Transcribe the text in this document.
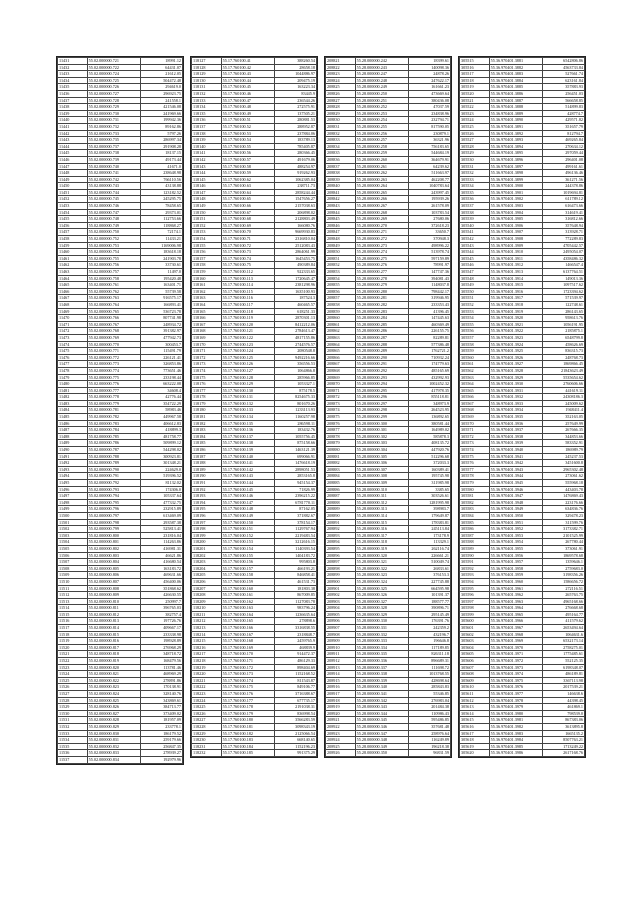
11431	55.02.000000.721	18991.12
11432	55.02.000000.722	64431.07
11433	55.02.000000.724	21612.05
11434	55.02.000000.725	504472.48
11435	55.02.000000.726	294619.0
11436	55.02.000000.727	296923.75
11437	55.02.000000.728	241558.1
11438	55.02.000000.729	421546.08
11439	55.02.000000.730	241969.66
11440	55.02.000000.731	199942.36
11441	55.02.000000.732	89162.86
11442	55.02.000000.733	5797.26
11443	55.02.000000.735	286997.34
11444	55.02.000000.737	291908.28
11445	55.02.000000.738	18137.15
11446	55.02.000000.739	49173.44
11447	55.02.000000.740	41671.0
11448	55.02.000000.741	238648.98
11449	55.02.000000.742	766110.56
11450	55.02.000000.743	43138.88
11451	55.02.000000.744	123182.52
11452	55.02.000000.745	245295.75
11453	55.02.000000.746	78458.65
11454	55.02.000000.747	29373.01
11455	55.02.000000.748	112753.66
11456	55.02.000000.749	118868.27
11457	55.02.000000.750	72174.1
11458	55.02.000000.752	11433.21
11459	55.02.000000.753	1169006.98
11460	55.02.000000.754	183618.18
11461	55.02.000000.755	241903.78
11462	55.02.000000.756	33730.61
11463	55.02.000000.757	11497.0
11464	55.02.000000.758	195420.48
11465	55.02.000000.761	163401.71
11466	55.02.000000.762	55739.58
11467	55.02.000000.763	916575.17
11468	55.02.000000.764	166893.41
11469	55.02.000000.765	536723.78
11470	55.02.000000.766	807741.98
11471	55.02.000000.767	248934.72
11472	55.02.000000.768	391382.97
11473	55.02.000000.769	477942.73
11474	55.02.000000.770	300453.7
11475	55.02.000000.771	115491.79
11476	55.02.000000.772	226121.41
11477	55.02.000000.773	326853.86
11478	55.02.000000.774	773651.46
11479	55.02.000000.775	233198.44
11480	55.02.000000.776	663222.08
11481	55.02.000000.777	34608.4
11482	55.02.000000.778	42776.44
11483	55.02.000000.779	354722.29
11484	55.02.000000.781	58983.46
11485	55.02.000000.782	449967.58
11486	55.02.000000.783	406612.83
11487	55.02.000000.784	418899.3
11488	55.02.000000.785	481758.77
11489	55.02.000000.786	509899.12
11490	55.02.000000.787	544298.02
11491	55.02.000000.788	300923.81
11492	55.02.000000.789	301348.21
11493	55.02.000000.790	224629.0
11494	55.02.000000.791	519396.52
11495	55.02.000000.792	81132.02
11496	55.02.000000.793	174306.0
11497	55.02.000000.794	105337.64
11498	55.02.000000.795	477332.75
11499	55.02.000000.796	232915.89
11500	55.02.000000.797	613469.09
11501	55.02.000000.798	293587.38
11502	55.02.000000.799	525813.41
11503	55.02.000000.800	231816.04
11504	55.02.000000.801	114263.86
11505	55.02.000000.802	416981.31
11506	55.02.000000.803	46621.86
11507	55.02.000000.804	416680.54
11508	55.02.000000.805	163183.72
11509	55.02.000000.806	469631.66
11510	55.02.000000.807	456400.06
11511	55.02.000000.808	351868.62
11512	55.02.000000.809	426630.55
11513	55.02.000000.810	250997.7
11514	55.02.000000.811	396765.03
11515	55.02.000000.812	382757.4
11516	55.02.000000.813	197726.76
11517	55.02.000000.814	409667.17
11518	55.02.000000.815	233338.98
11519	55.02.000000.816	198928.89
11520	55.02.000000.817	276968.29
11521	55.02.000000.818	348718.72
11522	55.02.000000.819	168479.56
11523	55.02.000000.820	113781.46
11524	55.02.000000.821	468969.29
11525	55.02.000000.822	278891.86
11526	55.02.000000.823	170138.91
11527	55.02.000000.824	328140.76
11528	55.02.000000.825	343869.61
11529	55.02.000000.826	384713.77
11530	55.02.000000.827	373409.02
11531	55.02.000000.828	181957.09
11532	55.02.000000.829	233778.1
11533	55.02.000000.830	186179.52
11534	55.02.000000.831	259179.66
11535	55.02.000000.832	256847.35
11536	55.02.000000.833	278939.27
11537	55.02.000000.834	192979.96
118127	55.17.760100.41	388260.54
118128	55.17.760100.42	28658.18
118129	55.17.760100.43	1044886.97
118130	55.17.760100.44	209475.19
118131	55.17.760100.45	163223.34
118132	55.17.760100.46	83445.9
118133	55.17.760100.47	236544.26
118134	55.17.760100.48	272575.91
118135	55.17.760100.49	137505.21
118136	55.17.760100.51	280881.53
118137	55.17.760100.52	288952.87
118138	55.17.760100.53	237884.06
118139	55.17.760100.54	183789.13
118140	55.17.760100.55	785405.87
118141	55.17.760100.56	280366.45
118142	55.17.760100.57	491679.06
118143	55.17.760100.58	488254.97
118144	55.17.760100.59	919262.93
118145	55.17.760100.62	1062385.04
118146	55.17.760100.63	238711.73
118147	55.17.760100.64	2858244.44
118148	55.17.760100.65	1547656.27
118149	55.17.760100.66	2157038.63
118150	55.17.760100.67	206898.02
118151	55.17.760100.68	2128803.49
118152	55.17.760100.69	166080.76
118153	55.17.760100.70	9669930.83
118154	55.17.760100.71	2316810.04
118155	55.17.760100.72	2512083.43
118156	55.17.760100.73	2864061.99
118157	55.17.760100.74	1645453.75
118158	55.17.760100.75	490389.84
118159	55.17.760100.112	922333.65
118160	55.17.760100.113	1720645.47
118161	55.17.760100.114	2381298.96
118162	55.17.760100.115	1635100.93
118163	55.17.760100.116	187524.3
118164	55.17.760100.117	460465.57
118165	55.17.760100.118	618251.33
118166	55.17.760100.119	2870301.13
118167	55.17.760100.120	8412212.06
118168	55.17.760100.121	2784613.47
118169	55.17.760100.122	4817155.86
118170	55.17.760100.123	2744576.57
118171	55.17.760100.124	2080548.8
118172	55.17.760100.125	9492216.66
118173	55.17.760100.126	356556.53
118174	55.17.760100.127	1064866.8
118175	55.17.760100.128	285966.85
118176	55.17.760100.129	1053327.1
118177	55.17.760100.130	875178.5
118178	55.17.760100.131	8254675.33
118179	55.17.760100.132	801670.26
118180	55.17.760100.133	1233113.93
118181	55.17.760100.134	1160257.98
118182	55.17.760100.135	286598.11
118183	55.17.760100.136	183432.76
118184	55.17.760100.137	1055756.45
118185	55.17.760100.138	875158.66
118186	55.17.760100.139	1463121.39
118187	55.17.760100.140	699066.91
118188	55.17.760100.141	1476618.19
118189	55.17.760100.142	2898051.53
118190	55.17.760100.143	2853165.8
118191	55.17.760100.144	945154.37
118192	55.17.760100.145	71826.99
118193	55.17.760100.146	2396215.22
118194	55.17.760100.147	6781770.11
118195	55.17.760100.148	87162.05
118196	55.17.760100.149	371882.67
118197	55.17.760100.150	378154.17
118198	55.17.760100.151	1129767.94
118199	55.17.760100.152	2219483.54
118200	55.17.760100.153	3212616.15
118201	55.17.760100.154	1140393.54
118202	55.17.760100.155	1404183.72
118203	55.17.760100.156	995803.8
118204	55.17.760100.157	466193.21
118205	55.17.760100.158	846858.41
118206	55.17.760100.159	461531.73
118207	55.17.760100.160	181803.38
118208	55.17.760100.161	867009.85
118209	55.17.760100.162	1127083.78
118210	55.17.760100.163	983796.24
118211	55.17.760100.164	1236635.64
118212	55.17.760100.165	278898.6
118213	55.17.760100.166	3316838.55
118214	55.17.760100.167	2318848.7
118215	55.17.760100.168	2459765.9
118216	55.17.760100.169	468839.9
118217	55.17.760100.170	914472.37
118218	55.17.760100.171	486129.33
118219	55.17.760100.172	898404.69
118220	55.17.760100.173	1152168.52
118221	55.17.760100.174	811543.87
118222	55.17.760100.175	849106.77
118223	55.17.760100.176	3716388.67
118224	55.17.760100.177	677735.17
118225	55.17.760100.178	2191038.31
118226	55.17.760100.179	836998.54
118227	55.17.760100.180	3566283.59
118228	55.17.760100.181	3098343.19
118229	55.17.760100.182	2125066.54
118230	55.17.760100.183	668140.65
118231	55.17.760100.184	1152196.23
118232	55.17.760100.185	991375.29
208821	55.28.000000.242	18399.61
208822	55.28.000000.243	140098.36
208823	55.28.000000.247	24878.26
208824	55.28.000000.248	247622.17
208825	55.28.000000.249	161661.23
208826	55.28.000000.250	473669.64
208827	55.28.000000.251	380436.08
208828	55.28.000000.252	47037.59
208829	55.28.000000.253	234838.96
208830	55.28.000000.254	232794.71
208831	55.28.000000.255	817590.05
208832	55.28.000000.256	230879.1
208833	55.28.000000.257	36321.96
208834	55.28.000000.258	756183.65
208835	55.28.000000.259	544684.19
208836	55.28.000000.260	364679.91
208837	55.28.000000.261	64239.62
208838	55.28.000000.262	511663.97
208839	55.28.000000.263	462208.77
208840	55.28.000000.264	1040783.64
208841	55.28.000000.265	243997.45
208842	55.28.000000.266	195939.26
208843	55.28.000000.267	261578.09
208844	55.28.000000.268	103783.54
208845	55.28.000000.269	27680.06
208846	55.28.000000.270	372618.23
208847	55.28.000000.271	33650.7
208848	55.28.000000.272	370948.3
208849	55.28.000000.273	498996.22
208850	55.28.000000.274	513978.74
208851	55.28.000000.275	597159.89
208852	55.28.000000.276	78991.97
208853	55.28.000000.277	147747.36
208854	55.28.000000.278	394081.43
208855	55.28.000000.279	1148037.8
208856	55.28.000000.280	798442.17
208857	55.28.000000.281	319946.95
208858	55.28.000000.282	233353.43
208859	55.28.000000.283	41396.45
208860	55.28.000000.284	147445.63
208861	55.28.000000.285	460369.49
208862	55.28.000000.286	226155.75
208863	55.28.000000.287	82289.81
208864	55.28.000000.288	577386.48
208865	55.28.000000.289	1762721.2
208866	55.28.000000.290	710932.24
208867	55.28.000000.291	174779.63
208868	55.28.000000.292	485165.69
208869	55.28.000000.293	432992.93
208870	55.28.000000.294	1002452.32
208871	55.28.000000.295	417978.35
208872	55.28.000000.296	855118.81
208873	55.28.000000.297	348973.9
208874	55.28.000000.298	264523.95
208875	55.28.000000.299	136892.65
208876	55.28.000000.300	380581.44
208877	55.28.000000.301	164989.02
208878	55.28.000000.302	585878.3
208879	55.28.000000.303	408135.72
208880	55.28.000000.304	447920.76
208881	55.28.000000.305	512296.68
208882	55.28.000000.306	372033.3
208883	55.28.000000.307	160389.41
208884	55.28.000000.308	195745.98
208885	55.28.000000.309	311985.98
208886	55.28.000000.310	3385.65
208887	55.28.000000.311	303526.61
208888	55.28.000000.312	1281995.98
208889	55.28.000000.313	398983.7
208890	55.28.000000.314	179649.87
208891	55.28.000000.315	178383.81
208892	55.28.000000.316	245113.84
208893	55.28.000000.317	173178.9
208894	55.28.000000.318	113329.1
208895	55.28.000000.319	262116.74
208896	55.28.000000.320	226661.21
208897	55.28.000000.321	510049.74
208898	55.28.000000.322	26833.61
208899	55.28.000000.323	376153.3
208900	55.28.000000.324	227745.88
208901	55.28.000000.325	664595.98
208902	55.28.000000.326	101391.37
208903	55.28.000000.327	188577.77
208904	55.28.000000.328	390896.71
208905	55.28.000000.329	295145.49
208906	55.28.000000.330	176391.76
208907	55.28.000000.331	242359.2
208908	55.28.000000.332	432196.7
208909	55.28.000000.333	196646.8
208910	55.28.000000.334	117189.85
208911	55.28.000000.335	826311.18
208912	55.28.000000.336	896689.31
208913	55.28.000000.337	111698.72
208914	55.28.000000.338	1013768.55
208915	55.28.000000.339	428698.64
208916	55.28.000000.340	285843.83
208917	55.28.000000.341	55346.85
208918	55.28.000000.342	276983.04
208919	55.28.000000.343	201484.38
208920	55.28.000000.344	110986.43
208921	55.28.000000.345	595486.85
208922	55.28.000000.346	357681.48
208923	55.28.000000.347	258976.64
208924	55.28.000000.348	116249.89
208925	55.28.000000.349	196218.38
208926	55.28.000000.350	96831.59
305515	55.36.970401.3881	6542806.86
305516	55.36.970401.3882	4563733.84
305517	55.36.970401.3883	527661.74
305518	55.36.970401.3884	623161.84
305519	55.36.970401.3885	357883.93
305520	55.36.970401.3886	256451.03
305521	55.36.970401.3887	566658.85
305522	55.36.970401.3888	514899.83
305523	55.36.970401.3889	428774.7
305524	55.36.970401.3890	429571.82
305525	55.36.970401.3891	351657.79
305526	55.36.970401.3892	812794.7
305527	55.36.970401.3893	469265.84
305528	55.36.970401.3894	270634.12
305529	55.36.970401.3895	297059.44
305530	55.36.970401.3896	296401.08
305531	55.36.970401.3897	499161.61
305532	55.36.970401.3898	496136.46
305533	55.36.970401.3899	361271.56
305534	55.36.970401.3900	244378.86
305535	55.36.970401.3901	1019694.81
305536	55.36.970401.3902	611789.12
305537	55.36.970401.3903	616473.66
305538	55.36.970401.3904	314619.41
305539	55.36.970401.3905	316812.66
305540	55.36.970401.3906	357648.94
305541	55.36.970401.3907	313928.71
305542	55.36.970401.3908	772289.83
305543	55.36.970401.3909	4705442.57
305544	55.36.970401.3910	2495054.07
305545	55.36.970401.3911	4358486.32
305546	55.36.970401.3912	1466547.4
305547	55.36.970401.3913	6137764.51
305548	55.36.970401.3914	149013.36
305549	55.36.970401.3915	1097517.62
305550	55.36.970401.3916	1723394.62
305551	55.36.970401.3917	571539.97
305552	55.36.970401.3918	122748.61
305553	55.36.970401.3919	286143.65
305554	55.36.970401.3920	958613.76
305555	55.36.970401.3921	1056191.95
305556	55.36.970401.3922	2185875.1
305557	55.36.970401.3923	6548799.8
305558	55.36.970401.3924	458626.69
305559	55.36.970401.3925	836315.73
305560	55.36.970401.3926	248768.73
305561	55.36.970401.3927	1869866.45
305562	55.36.970401.3928	21843623.49
305563	55.36.970401.3929	5535654.62
305564	55.36.970401.3930	2760606.66
305565	55.36.970401.3931	441619.11
305566	55.36.970401.3932	24308186.3
305567	55.36.970401.3933	245009.62
305568	55.36.970401.3934	1948411.4
305569	55.36.970401.3935	352163.05
305570	55.36.970401.3936	257649.99
305571	55.36.970401.3937	267666.35
305572	55.36.970401.3938	344853.66
305573	55.36.970401.3939	583352.91
305574	55.36.970401.3940	186989.79
305575	55.36.970401.3941	245237.53
305576	55.36.970401.3942	3451600.8
305577	55.36.970401.3943	2965302.48
305578	55.36.970401.3944	273061.62
305579	55.36.970401.3945	555968.18
305580	55.36.970401.3946	443403.78
305581	55.36.970401.3947	1476869.43
305582	55.36.970401.3948	223176.66
305583	55.36.970401.3949	634836.76
305584	55.36.970401.3950	329478.23
305585	55.36.970401.3951	311599.76
305586	55.36.970401.3952	3173382.71
305587	55.36.970401.3953	2101525.99
305588	55.36.970401.3954	267780.44
305589	55.36.970401.3955	373061.91
305590	55.36.970401.3956	1869578.68
305591	55.36.970401.3957	1359646.1
305592	55.36.970401.3958	2759683.0
305593	55.36.970401.3959	3198356.26
305594	55.36.970401.3960	1586656.72
305595	55.36.970401.3961	272116.51
305596	55.36.970401.3962	265763.75
305597	55.36.970401.3963	4965168.66
305598	55.36.970401.3964	276668.68
305599	55.36.970401.3965	495164.77
305600	55.36.970401.3966	411579.62
305601	55.36.970401.3967	2653494.64
305602	55.36.970401.3968	1064631.6
305603	55.36.970401.3969	6532173.14
305604	55.36.970401.3970	2758275.01
305605	55.36.970401.3971	1775485.61
305606	55.36.970401.3972	552125.35
305607	55.36.970401.3973	6198348.07
305608	55.36.970401.3974	486189.81
305609	55.36.970401.3975	3367113.98
305610	55.36.970401.3976	2017539.21
305611	55.36.970401.3977	146638.6
305612	55.36.970401.3978	44398.45
305613	55.36.970401.3979	461869.1
305614	55.36.970401.3980	798539.0
305615	55.36.970401.3981	867383.06
305616	55.36.970401.3982	3613895.8
305617	55.36.970401.3983	1665135.2
305618	55.36.970401.3984	8507763.21
305619	55.36.970401.3985	1713249.22
305620	55.36.970401.3986	2617168.76
